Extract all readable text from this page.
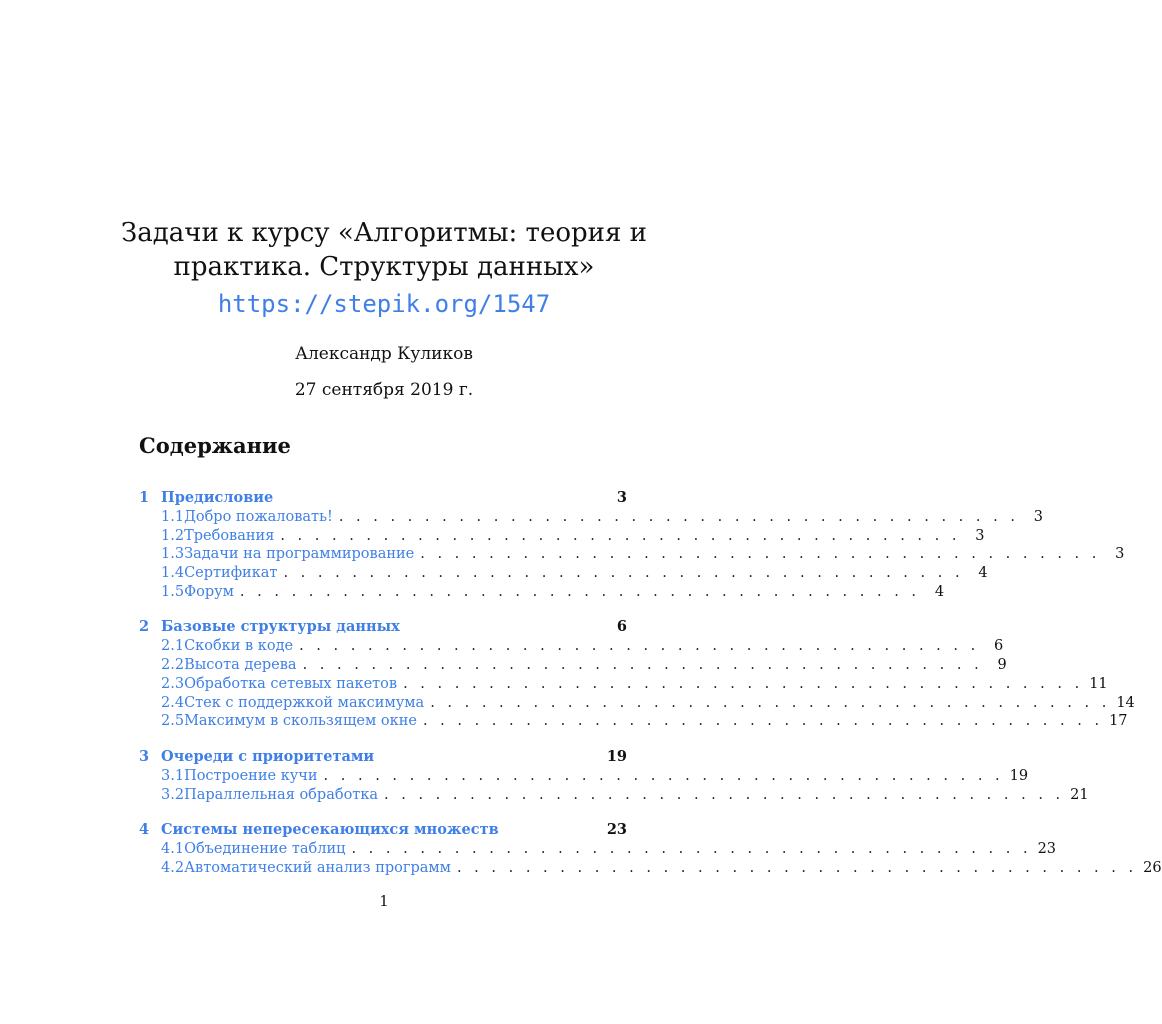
Задачи к курсу «Алгоритмы: теория и
практика. Структуры данных»
https://stepik.org/1547
Александр Куликов
27 сентября 2019 г.
Содержание
1 Предисловие	3
1.1 Добро пожаловать! . . . . . . . . . . . . . . . . . . . . . . . . . . . . . . . . . . . . . . . .	3
1.2 Требования . . . . . . . . . . . . . . . . . . . . . . . . . . . . . . . . . . . . . . . .	3
1.3 Задачи на программирование . . . . . . . . . . . . . . . . . . . . . . . . . . . . . . . . . . . . . . . .	3
1.4 Сертификат . . . . . . . . . . . . . . . . . . . . . . . . . . . . . . . . . . . . . . . .	4
1.5 Форум . . . . . . . . . . . . . . . . . . . . . . . . . . . . . . . . . . . . . . . .	4
2 Базовые структуры данных	6
2.1 Скобки в коде . . . . . . . . . . . . . . . . . . . . . . . . . . . . . . . . . . . . . . . .	6
2.2 Высота дерева . . . . . . . . . . . . . . . . . . . . . . . . . . . . . . . . . . . . . . . .	9
2.3 Обработка сетевых пакетов . . . . . . . . . . . . . . . . . . . . . . . . . . . . . . . . . . . . . . . . 11
2.4 Стек с поддержкой максимума . . . . . . . . . . . . . . . . . . . . . . . . . . . . . . . . . . . . . . . . 14
2.5 Максимум в скользящем окне . . . . . . . . . . . . . . . . . . . . . . . . . . . . . . . . . . . . . . . . 17
3 Очереди с приоритетами	19
3.1 Построение кучи . . . . . . . . . . . . . . . . . . . . . . . . . . . . . . . . . . . . . . . . 19
3.2 Параллельная обработка . . . . . . . . . . . . . . . . . . . . . . . . . . . . . . . . . . . . . . . . 21
4 Системы непересекающихся множеств	23
4.1 Объединение таблиц . . . . . . . . . . . . . . . . . . . . . . . . . . . . . . . . . . . . . . . . 23
4.2 Автоматический анализ программ . . . . . . . . . . . . . . . . . . . . . . . . . . . . . . . . . . . . . . . . 26
1
